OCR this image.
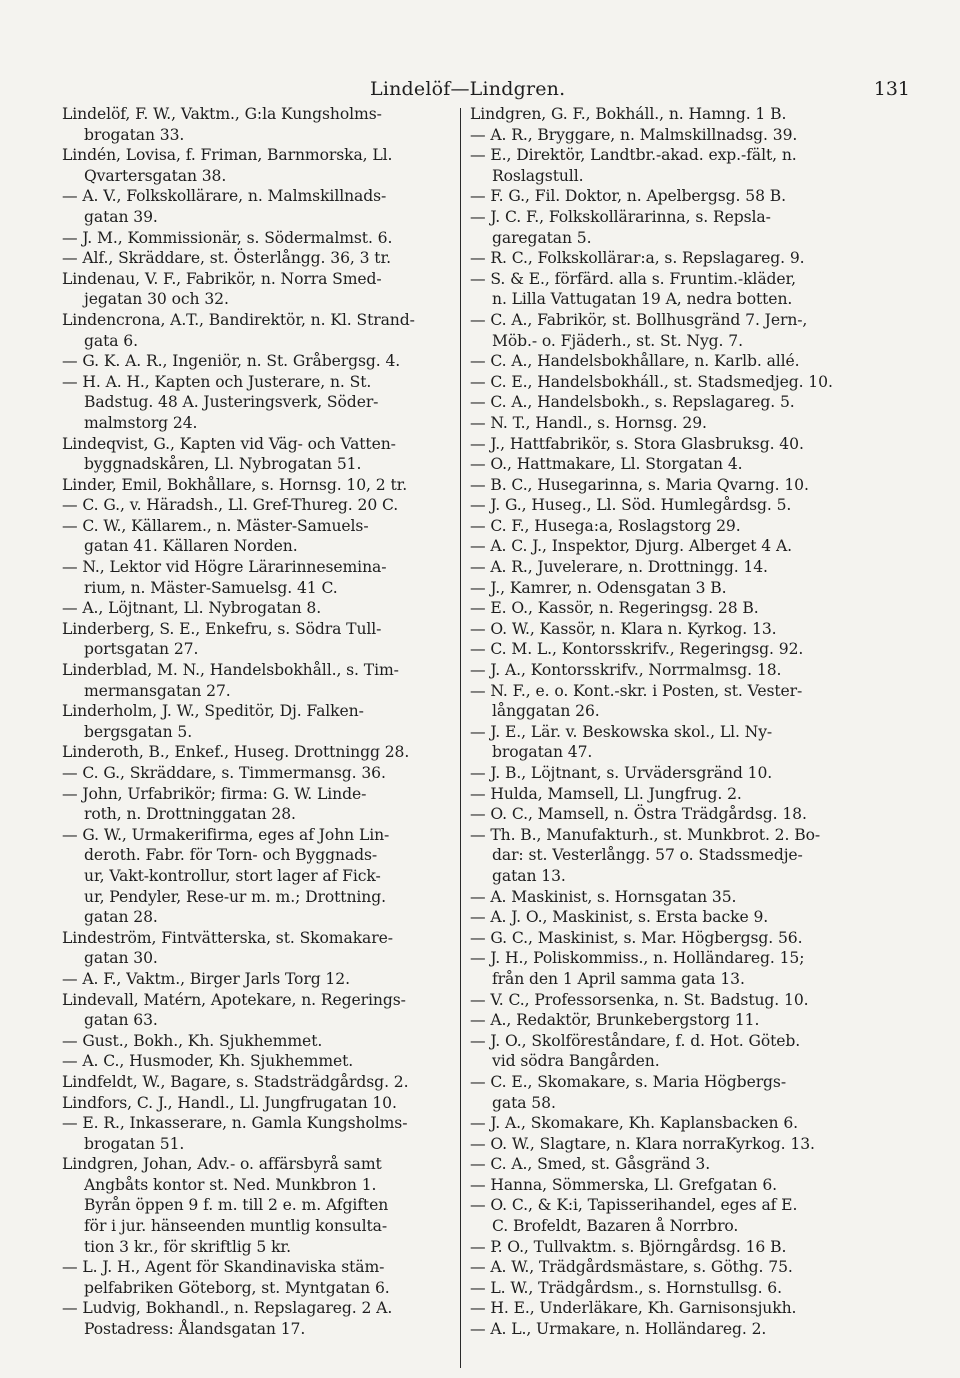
Lindelöf—Lindgren.	131
Lindelöf, F. W., Vaktm., G:la Kungsholms-
brogatan 33.
Lindén, Lovisa, f. Friman, Barnmorska, Ll.
Qvartersgatan 38.
— A. V., Folkskollärare, n. Malmskillnads-
gatan 39.
— J. M., Kommissionär, s. Södermalmst. 6.
— Alf., Skräddare, st. Österlångg. 36, 3 tr.
Lindenau, V. F., Fabrikör, n. Norra Smed-
jegatan 30 och 32.
Lindencrona, A.T., Bandirektör, n. Kl. Strand-
gata 6.
— G. K. A. R., Ingeniör, n. St. Gråbergsg. 4.
— H. A. H., Kapten och Justerare, n. St.
Badstug. 48 A. Justeringsverk, Söder-
malmstorg 24.
Lindeqvist, G., Kapten vid Väg- och Vatten-
byggnadskåren, Ll. Nybrogatan 51.
Linder, Emil, Bokhållare, s. Hornsg. 10, 2 tr.
— C. G., v. Häradsh., Ll. Gref-Thureg. 20 C.
— C. W., Källarem., n. Mäster-Samuels-
gatan 41. Källaren Norden.
— N., Lektor vid Högre Lärarinnesemina-
rium, n. Mäster-Samuelsg. 41 C.
— A., Löjtnant, Ll. Nybrogatan 8.
Linderberg, S. E., Enkefru, s. Södra Tull-
portsgatan 27.
Linderblad, M. N., Handelsbokhåll., s. Tim-
mermansgatan 27.
Linderholm, J. W., Speditör, Dj. Falken-
bergsgatan 5.
Linderoth, B., Enkef., Huseg. Drottningg 28.
— C. G., Skräddare, s. Timmermansg. 36.
— John, Urfabrikör; firma: G. W. Linde-
roth, n. Drottninggatan 28.
— G. W., Urmakerifirma, eges af John Lin-
deroth. Fabr. för Torn- och Byggnads-
ur, Vakt-kontrollur, stort lager af Fick-
ur, Pendyler, Rese-ur m. m.; Drottning.
gatan 28.
Lindeström, Fintvätterska, st. Skomakare-
gatan 30.
— A. F., Vaktm., Birger Jarls Torg 12.
Lindevall, Matérn, Apotekare, n. Regerings-
gatan 63.
— Gust., Bokh., Kh. Sjukhemmet.
— A. C., Husmoder, Kh. Sjukhemmet.
Lindfeldt, W., Bagare, s. Stadsträdgårdsg. 2.
Lindfors, C. J., Handl., Ll. Jungfrugatan 10.
— E. R., Inkasserare, n. Gamla Kungsholms-
brogatan 51.
Lindgren, Johan, Adv.- o. affärsbyrå samt
Angbåts kontor st. Ned. Munkbron 1.
Byrån öppen 9 f. m. till 2 e. m. Afgiften
för i jur. hänseenden muntlig konsulta-
tion 3 kr., för skriftlig 5 kr.
— L. J. H., Agent för Skandinaviska stäm-
pelfabriken Göteborg, st. Myntgatan 6.
— Ludvig, Bokhandl., n. Repslagareg. 2 A.
Postadress: Ålandsgatan 17.
Lindgren, G. F., Bokháll., n. Hamng. 1 B.
— A. R., Bryggare, n. Malmskillnadsg. 39.
— E., Direktör, Landtbr.-akad. exp.-fält, n.
Roslagstull.
— F. G., Fil. Doktor, n. Apelbergsg. 58 B.
— J. C. F., Folkskollärarinna, s. Repsla-
garegatan 5.
— R. C., Folkskollärar:a, s. Repslagareg. 9.
— S. & E., förfärd. alla s. Fruntim.-kläder,
n. Lilla Vattugatan 19 A, nedra botten.
— C. A., Fabrikör, st. Bollhusgränd 7. Jern-,
Möb.- o. Fjäderh., st. St. Nyg. 7.
— C. A., Handelsbokhållare, n. Karlb. allé.
— C. E., Handelsbokháll., st. Stadsmedjeg. 10.
— C. A., Handelsbokh., s. Repslagareg. 5.
— N. T., Handl., s. Hornsg. 29.
— J., Hattfabrikör, s. Stora Glasbruksg. 40.
— O., Hattmakare, Ll. Storgatan 4.
— B. C., Husegarinna, s. Maria Qvarng. 10.
— J. G., Huseg., Ll. Söd. Humlegårdsg. 5.
— C. F., Husega:a, Roslagstorg 29.
— A. C. J., Inspektor, Djurg. Alberget 4 A.
— A. R., Juvelerare, n. Drottningg. 14.
— J., Kamrer, n. Odensgatan 3 B.
— E. O., Kassör, n. Regeringsg. 28 B.
— O. W., Kassör, n. Klara n. Kyrkog. 13.
— C. M. L., Kontorsskrifv., Regeringsg. 92.
— J. A., Kontorsskrifv., Norrmalmsg. 18.
— N. F., e. o. Kont.-skr. i Posten, st. Vester-
långgatan 26.
— J. E., Lär. v. Beskowska skol., Ll. Ny-
brogatan 47.
— J. B., Löjtnant, s. Urvädersgränd 10.
— Hulda, Mamsell, Ll. Jungfrug. 2.
— O. C., Mamsell, n. Östra Trädgårdsg. 18.
— Th. B., Manufakturh., st. Munkbrot. 2. Bo-
dar: st. Vesterlångg. 57 o. Stadssmedje-
gatan 13.
— A. Maskinist, s. Hornsgatan 35.
— A. J. O., Maskinist, s. Ersta backe 9.
— G. C., Maskinist, s. Mar. Högbergsg. 56.
— J. H., Poliskommiss., n. Holländareg. 15;
från den 1 April samma gata 13.
— V. C., Professorsenka, n. St. Badstug. 10.
— A., Redaktör, Brunkebergstorg 11.
— J. O., Skolföreståndare, f. d. Hot. Göteb.
vid södra Bangården.
— C. E., Skomakare, s. Maria Högbergs-
gata 58.
— J. A., Skomakare, Kh. Kaplansbacken 6.
— O. W., Slagtare, n. Klara norraKyrkog. 13.
— C. A., Smed, st. Gåsgränd 3.
— Hanna, Sömmerska, Ll. Grefgatan 6.
— O. C., & K:i, Tapisserihandel, eges af E.
C. Brofeldt, Bazaren å Norrbro.
— P. O., Tullvaktm. s. Björngårdsg. 16 B.
— A. W., Trädgårdsmästare, s. Göthg. 75.
— L. W., Trädgårdsm., s. Hornstullsg. 6.
— H. E., Underläkare, Kh. Garnisonsjukh.
— A. L., Urmakare, n. Holländareg. 2.
